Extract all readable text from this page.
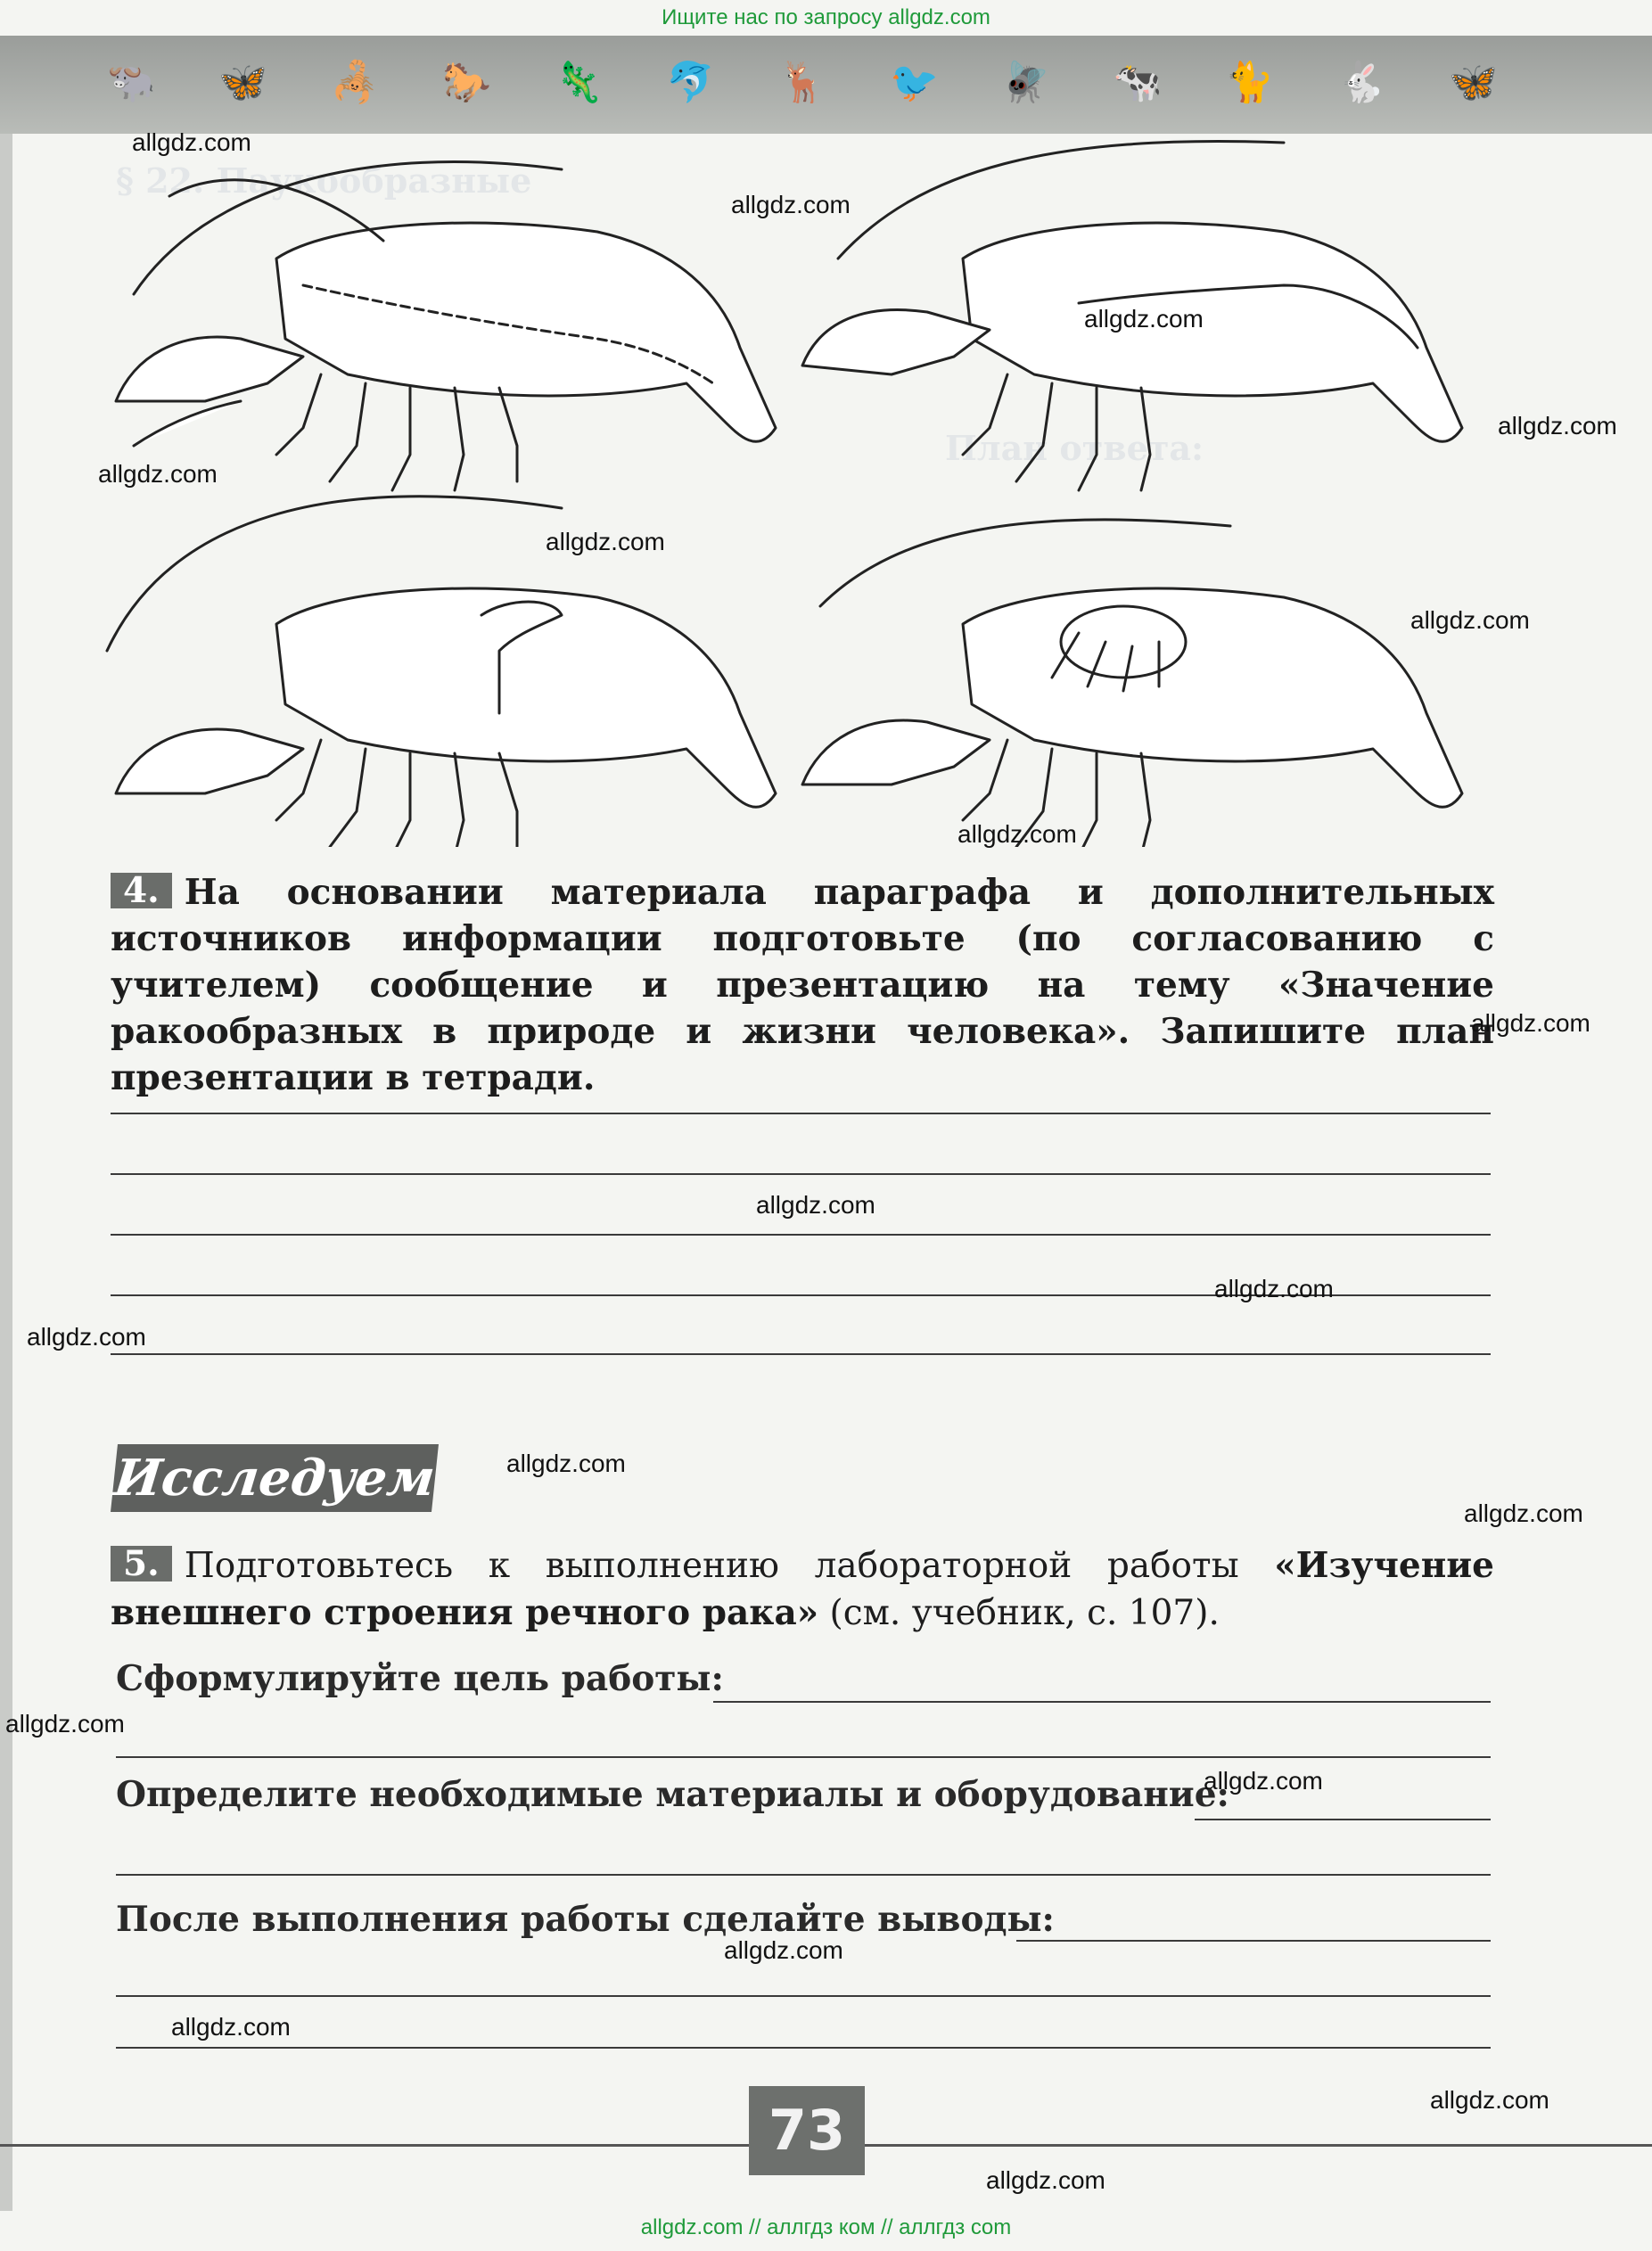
Ищите нас по запросу allgdz.com
🐃 🦋 🦂 🐎 🦎 🐬 🦌 🐦 🪰 🐄 🐈 🐇 🦋
§ 22. Паукообразные
План ответа:
4. На основании материала параграфа и дополнительных источников информации подготовьте (по согласованию с учителем) сообщение и презентацию на тему «Значение ракообразных в природе и жизни человека». Запишите план презентации в тетради.
Исследуем
5. Подготовьтесь к выполнению лабораторной работы «Изучение внешнего строения речного рака» (см. учебник, с. 107).
Сформулируйте цель работы:
Определите необходимые материалы и оборудование:
После выполнения работы сделайте выводы:
73
allgdz.com
allgdz.com
allgdz.com
allgdz.com
allgdz.com
allgdz.com
allgdz.com
allgdz.com
allgdz.com
allgdz.com
allgdz.com
allgdz.com
allgdz.com
allgdz.com
allgdz.com
allgdz.com
allgdz.com
allgdz.com
allgdz.com
allgdz.com
allgdz.com // аллгдз ком // аллгдз com
